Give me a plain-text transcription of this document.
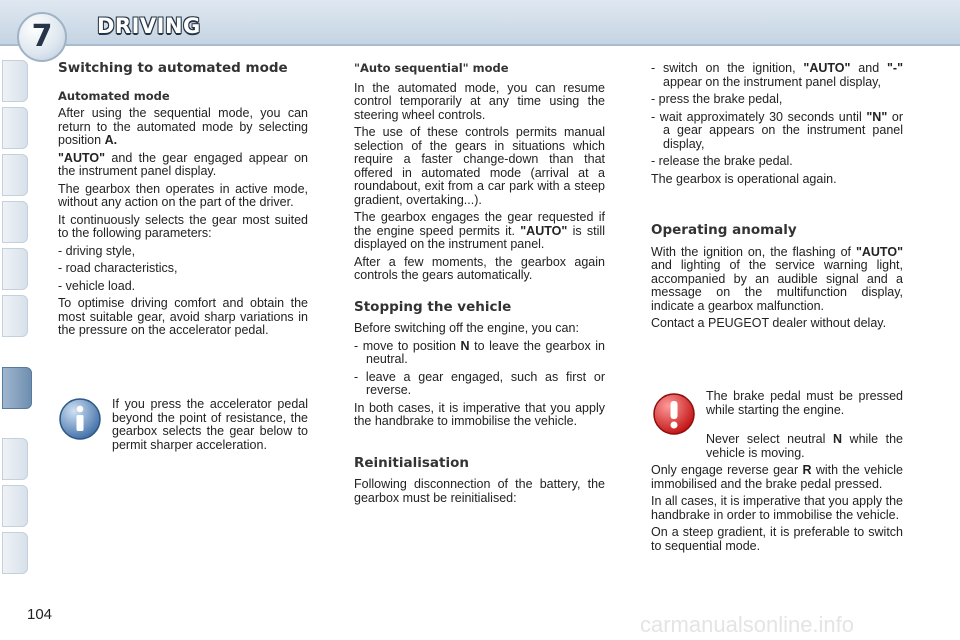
7	DRIVING

Switching to automated mode

Automated mode

After using the sequential mode, you can return to the automated mode by selecting position A.

"AUTO" and the gear engaged appear on the instrument panel display.

The gearbox then operates in active mode, without any action on the part of the driver.

It continuously selects the gear most suited to the following parameters:

- driving style,

- road characteristics,

- vehicle load.

To optimise driving comfort and obtain the most suitable gear, avoid sharp variations in the pressure on the accelerator pedal.

If you press the accelerator pedal beyond the point of resistance, the gearbox selects the gear below to permit sharper acceleration.

"Auto sequential" mode

In the automated mode, you can resume control temporarily at any time using the steering wheel controls.

The use of these controls permits manual selection of the gears in situations which require a faster change-down than that offered in automated mode (arrival at a roundabout, exit from a car park with a steep gradient, overtaking...).

The gearbox engages the gear requested if the engine speed permits it. "AUTO" is still displayed on the instrument panel.

After a few moments, the gearbox again controls the gears automatically.

Stopping the vehicle

Before switching off the engine, you can:

- move to position N to leave the gearbox in neutral.

- leave a gear engaged, such as first or reverse.

In both cases, it is imperative that you apply the handbrake to immobilise the vehicle.

Reinitialisation

Following disconnection of the battery, the gearbox must be reinitialised:

- switch on the ignition, "AUTO" and "-" appear on the instrument panel display,

- press the brake pedal,

- wait approximately 30 seconds until "N" or a gear appears on the instrument panel display,

- release the brake pedal.

The gearbox is operational again.

Operating anomaly

With the ignition on, the flashing of "AUTO" and lighting of the service warning light, accompanied by an audible signal and a message on the multifunction display, indicate a gearbox malfunction.

Contact a PEUGEOT dealer without delay.

The brake pedal must be pressed while starting the engine.

Never select neutral N while the vehicle is moving.

Only engage reverse gear R with the vehicle immobilised and the brake pedal pressed.

In all cases, it is imperative that you apply the handbrake in order to immobilise the vehicle.

On a steep gradient, it is preferable to switch to sequential mode.

104	carmanualsonline.info
